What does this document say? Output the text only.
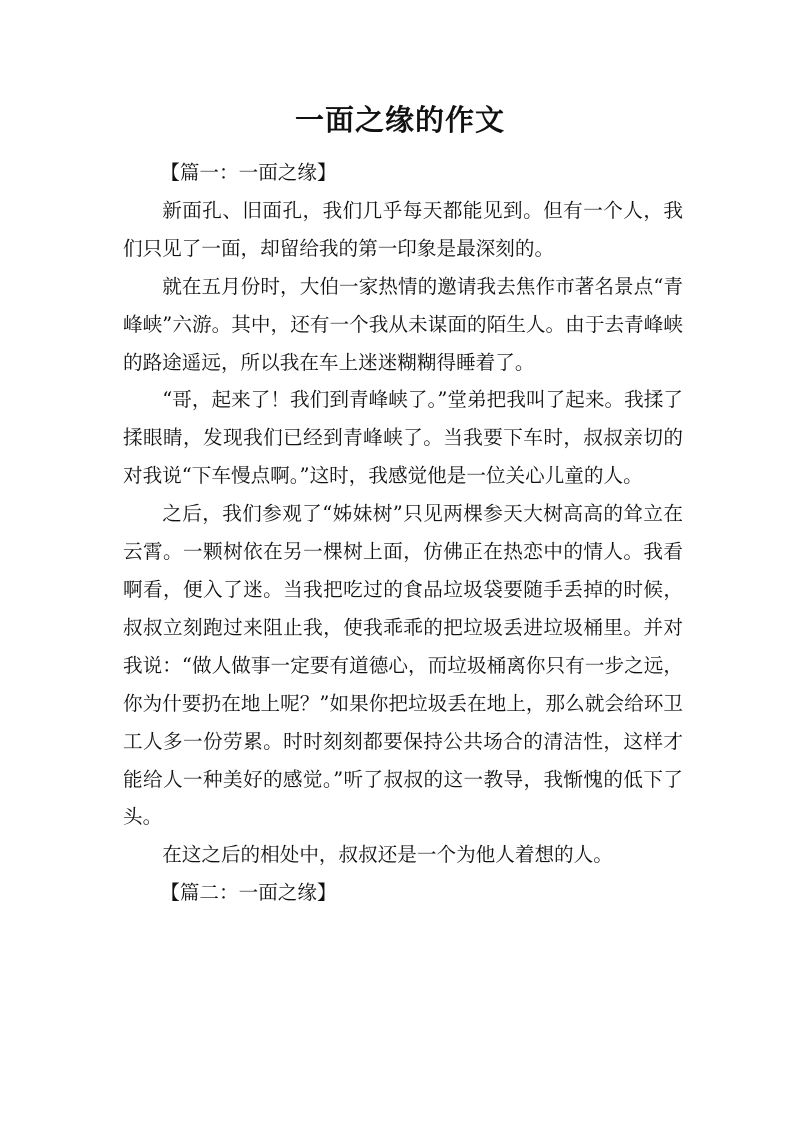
一面之缘的作文

【篇一：一面之缘】

新面孔、旧面孔，我们几乎每天都能见到。但有一个人，我们只见了一面，却留给我的第一印象是最深刻的。

就在五月份时，大伯一家热情的邀请我去焦作市著名景点“青峰峡”六游。其中，还有一个我从未谋面的陌生人。由于去青峰峡的路途遥远，所以我在车上迷迷糊糊得睡着了。

“哥，起来了！我们到青峰峡了。”堂弟把我叫了起来。我揉了揉眼睛，发现我们已经到青峰峡了。当我要下车时，叔叔亲切的对我说“下车慢点啊。”这时，我感觉他是一位关心儿童的人。

之后，我们参观了“姊妹树”只见两棵参天大树高高的耸立在云霄。一颗树依在另一棵树上面，仿佛正在热恋中的情人。我看啊看，便入了迷。当我把吃过的食品垃圾袋要随手丢掉的时候，叔叔立刻跑过来阻止我，使我乖乖的把垃圾丢进垃圾桶里。并对我说：“做人做事一定要有道德心，而垃圾桶离你只有一步之远，你为什要扔在地上呢？”如果你把垃圾丢在地上，那么就会给环卫工人多一份劳累。时时刻刻都要保持公共场合的清洁性，这样才能给人一种美好的感觉。”听了叔叔的这一教导，我惭愧的低下了头。

在这之后的相处中，叔叔还是一个为他人着想的人。

【篇二：一面之缘】
